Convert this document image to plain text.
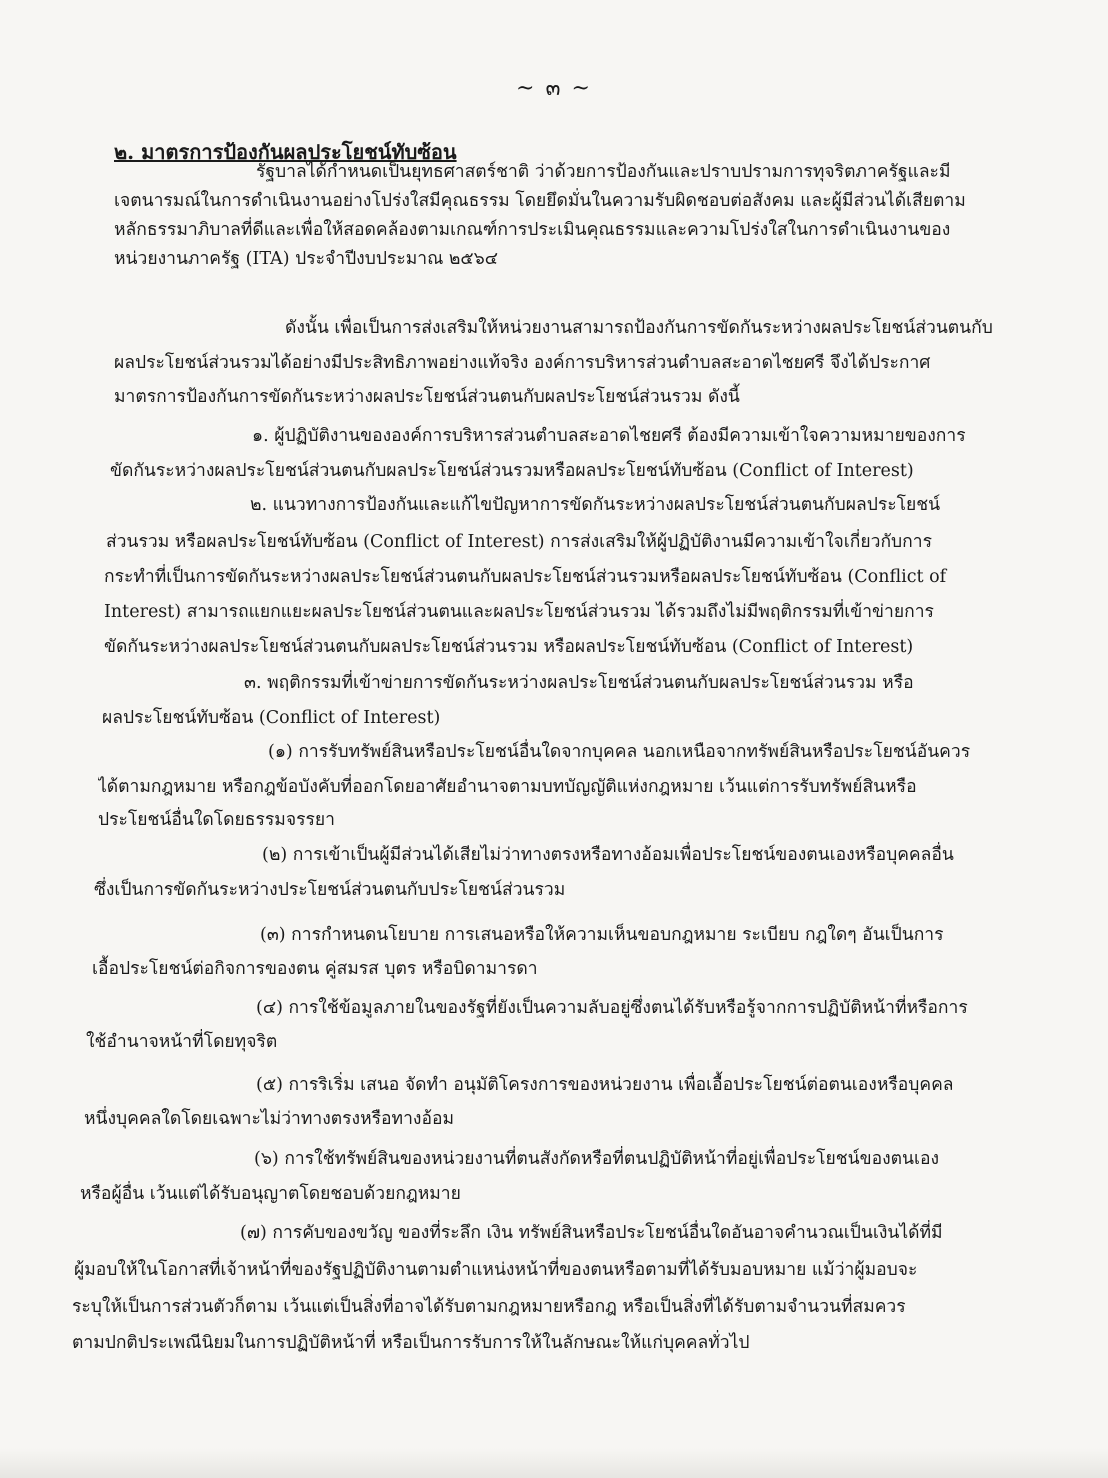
~ ๓ ~
๒. มาตรการป้องกันผลประโยชน์ทับซ้อน
รัฐบาลได้กำหนดเป็นยุทธศาสตร์ชาติ ว่าด้วยการป้องกันและปราบปรามการทุจริตภาครัฐและมี
เจตนารมณ์ในการดำเนินงานอย่างโปร่งใสมีคุณธรรม โดยยึดมั่นในความรับผิดชอบต่อสังคม และผู้มีส่วนได้เสียตาม
หลักธรรมาภิบาลที่ดีและเพื่อให้สอดคล้องตามเกณฑ์การประเมินคุณธรรมและความโปร่งใสในการดำเนินงานของ
หน่วยงานภาครัฐ (ITA) ประจำปีงบประมาณ ๒๕๖๔
ดังนั้น เพื่อเป็นการส่งเสริมให้หน่วยงานสามารถป้องกันการขัดกันระหว่างผลประโยชน์ส่วนตนกับ
ผลประโยชน์ส่วนรวมได้อย่างมีประสิทธิภาพอย่างแท้จริง องค์การบริหารส่วนตำบลสะอาดไชยศรี จึงได้ประกาศ
มาตรการป้องกันการขัดกันระหว่างผลประโยชน์ส่วนตนกับผลประโยชน์ส่วนรวม ดังนี้
๑. ผู้ปฏิบัติงานขององค์การบริหารส่วนตำบลสะอาดไชยศรี ต้องมีความเข้าใจความหมายของการ
ขัดกันระหว่างผลประโยชน์ส่วนตนกับผลประโยชน์ส่วนรวมหรือผลประโยชน์ทับซ้อน (Conflict of Interest)
๒. แนวทางการป้องกันและแก้ไขปัญหาการขัดกันระหว่างผลประโยชน์ส่วนตนกับผลประโยชน์
ส่วนรวม หรือผลประโยชน์ทับซ้อน (Conflict of Interest) การส่งเสริมให้ผู้ปฏิบัติงานมีความเข้าใจเกี่ยวกับการ
กระทำที่เป็นการขัดกันระหว่างผลประโยชน์ส่วนตนกับผลประโยชน์ส่วนรวมหรือผลประโยชน์ทับซ้อน (Conflict of
Interest) สามารถแยกแยะผลประโยชน์ส่วนตนและผลประโยชน์ส่วนรวม ได้รวมถึงไม่มีพฤติกรรมที่เข้าข่ายการ
ขัดกันระหว่างผลประโยชน์ส่วนตนกับผลประโยชน์ส่วนรวม หรือผลประโยชน์ทับซ้อน (Conflict of Interest)
๓. พฤติกรรมที่เข้าข่ายการขัดกันระหว่างผลประโยชน์ส่วนตนกับผลประโยชน์ส่วนรวม หรือ
ผลประโยชน์ทับซ้อน (Conflict of Interest)
(๑) การรับทรัพย์สินหรือประโยชน์อื่นใดจากบุคคล นอกเหนือจากทรัพย์สินหรือประโยชน์อันควร
ได้ตามกฎหมาย หรือกฎข้อบังคับที่ออกโดยอาศัยอำนาจตามบทบัญญัติแห่งกฎหมาย เว้นแต่การรับทรัพย์สินหรือ
ประโยชน์อื่นใดโดยธรรมจรรยา
(๒) การเข้าเป็นผู้มีส่วนได้เสียไม่ว่าทางตรงหรือทางอ้อมเพื่อประโยชน์ของตนเองหรือบุคคลอื่น
ซึ่งเป็นการขัดกันระหว่างประโยชน์ส่วนตนกับประโยชน์ส่วนรวม
(๓) การกำหนดนโยบาย การเสนอหรือให้ความเห็นขอบกฎหมาย ระเบียบ กฎใดๆ อันเป็นการ
เอื้อประโยชน์ต่อกิจการของตน คู่สมรส บุตร หรือบิดามารดา
(๔) การใช้ข้อมูลภายในของรัฐที่ยังเป็นความลับอยู่ซึ่งตนได้รับหรือรู้จากการปฏิบัติหน้าที่หรือการ
ใช้อำนาจหน้าที่โดยทุจริต
(๕) การริเริ่ม เสนอ จัดทำ อนุมัติโครงการของหน่วยงาน เพื่อเอื้อประโยชน์ต่อตนเองหรือบุคคล
หนึ่งบุคคลใดโดยเฉพาะไม่ว่าทางตรงหรือทางอ้อม
(๖) การใช้ทรัพย์สินของหน่วยงานที่ตนสังกัดหรือที่ตนปฏิบัติหน้าที่อยู่เพื่อประโยชน์ของตนเอง
หรือผู้อื่น เว้นแต่ได้รับอนุญาตโดยชอบด้วยกฎหมาย
(๗) การคับของขวัญ ของที่ระลึก เงิน ทรัพย์สินหรือประโยชน์อื่นใดอันอาจคำนวณเป็นเงินได้ที่มี
ผู้มอบให้ในโอกาสที่เจ้าหน้าที่ของรัฐปฏิบัติงานตามตำแหน่งหน้าที่ของตนหรือตามที่ได้รับมอบหมาย แม้ว่าผู้มอบจะ
ระบุให้เป็นการส่วนตัวก็ตาม เว้นแต่เป็นสิ่งที่อาจได้รับตามกฎหมายหรือกฎ หรือเป็นสิ่งที่ได้รับตามจำนวนที่สมควร
ตามปกติประเพณีนิยมในการปฏิบัติหน้าที่ หรือเป็นการรับการให้ในลักษณะให้แก่บุคคลทั่วไป
